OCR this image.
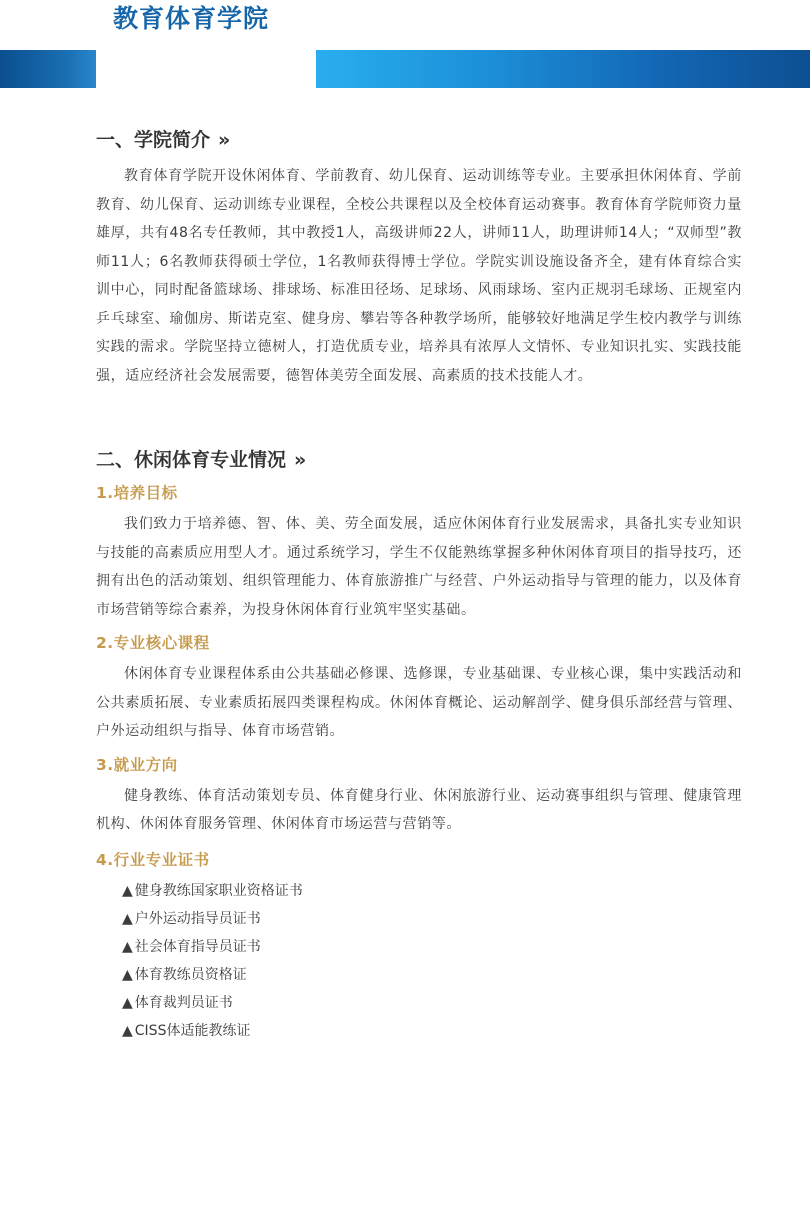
教育体育学院
一、学院简介 »

教育体育学院开设休闲体育、学前教育、幼儿保育、运动训练等专业。主要承担休闲体育、学前教育、幼儿保育、运动训练专业课程，全校公共课程以及全校体育运动赛事。教育体育学院师资力量雄厚，共有48名专任教师，其中教授1人，高级讲师22人，讲师11人，助理讲师14人；“双师型”教师11人；6名教师获得硕士学位，1名教师获得博士学位。学院实训设施设备齐全，建有体育综合实训中心，同时配备篮球场、排球场、标准田径场、足球场、风雨球场、室内正规羽毛球场、正规室内乒乓球室、瑜伽房、斯诺克室、健身房、攀岩等各种教学场所，能够较好地满足学生校内教学与训练实践的需求。学院坚持立德树人，打造优质专业，培养具有浓厚人文情怀、专业知识扎实、实践技能强，适应经济社会发展需要，德智体美劳全面发展、高素质的技术技能人才。

二、休闲体育专业情况 »
1.培养目标

我们致力于培养德、智、体、美、劳全面发展，适应休闲体育行业发展需求，具备扎实专业知识与技能的高素质应用型人才。通过系统学习，学生不仅能熟练掌握多种休闲体育项目的指导技巧，还拥有出色的活动策划、组织管理能力、体育旅游推广与经营、户外运动指导与管理的能力，以及体育市场营销等综合素养，为投身休闲体育行业筑牢坚实基础。

2.专业核心课程

休闲体育专业课程体系由公共基础必修课、选修课，专业基础课、专业核心课，集中实践活动和公共素质拓展、专业素质拓展四类课程构成。休闲体育概论、运动解剖学、健身俱乐部经营与管理、户外运动组织与指导、体育市场营销。

3.就业方向

健身教练、体育活动策划专员、体育健身行业、休闲旅游行业、运动赛事组织与管理、健康管理机构、休闲体育服务管理、休闲体育市场运营与营销等。

4.行业专业证书
▲ 健身教练国家职业资格证书
▲ 户外运动指导员证书
▲ 社会体育指导员证书
▲ 体育教练员资格证
▲ 体育裁判员证书
▲ CISS体适能教练证
